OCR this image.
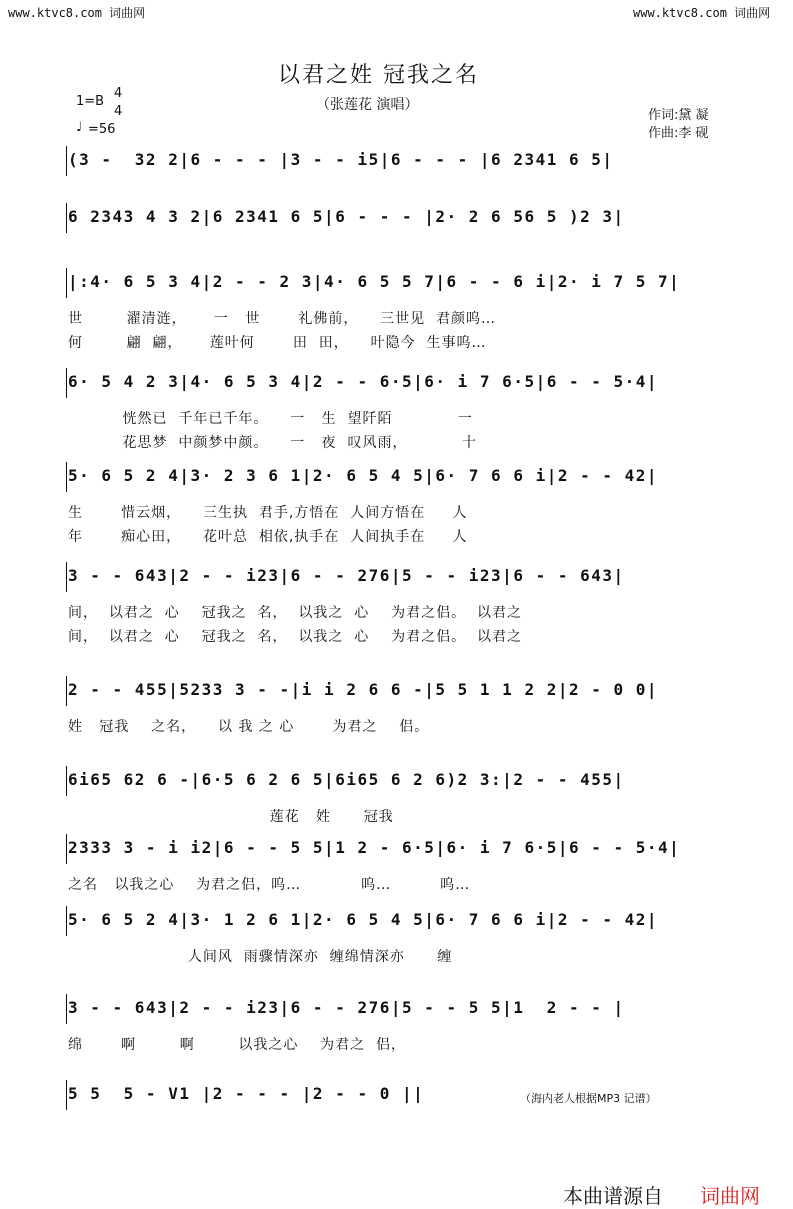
www.ktvc8.com 词曲网	www.ktvc8.com 词曲网
以君之姓 冠我之名
（张莲花 演唱）
1=B
4
4
♩ =56
作词:黛 凝
作曲:李 砚
(3 -  32 2|6 - - - |3 - - i5|6 - - - |6 2341 6 5|
6 2343 4 3 2|6 2341 6 5|6 - - - |2· 2 6 56 5 )2 3|
|:4· 6 5 3 4|2 - - 2 3|4· 6 5 5 7|6 - - 6 i|2· i 7 5 7|
世        濯清涟，     一   世       礼佛前，    三世见  君颜呜…
何        翩  翩，     莲叶何       田  田，    叶隐今  生事呜…
6· 5 4 2 3|4· 6 5 3 4|2 - - 6·5|6· i 7 6·5|6 - - 5·4|
恍然已  千年已千年。    一   生  望阡陌            一
花思梦  中颜梦中颜。    一   夜  叹风雨，          十
5· 6 5 2 4|3· 2 3 6 1|2· 6 5 4 5|6· 7 6 6 i|2 - - 42|
生       惜云烟，    三生执  君手,方悟在  人间方悟在     人
年       痴心田，    花叶总  相依,执手在  人间执手在     人
3 - - 643|2 - - i23|6 - - 276|5 - - i23|6 - - 643|
间，  以君之  心    冠我之  名，  以我之  心    为君之侣。  以君之
间，  以君之  心    冠我之  名，  以我之  心    为君之侣。  以君之
2 - - 455|5233 3 - -|i i 2 6 6 -|5 5 1 1 2 2|2 - 0 0|
姓   冠我    之名，    以 我 之 心       为君之    侣。
6i65 62 6 -|6·5 6 2 6 5|6i65 6 2 6)2 3:|2 - - 455|
莲花   姓      冠我
2333 3 - i i2|6 - - 5 5|1 2 - 6·5|6· i 7 6·5|6 - - 5·4|
之名   以我之心    为君之侣，呜…           呜…         呜…
5· 6 5 2 4|3· 1 2 6 1|2· 6 5 4 5|6· 7 6 6 i|2 - - 42|
人间风  雨骤情深亦  缠绵情深亦      缠
3 - - 643|2 - - i23|6 - - 276|5 - - 5 5|1  2 - - |
绵       啊        啊        以我之心    为君之  侣，
5 5  5 - V1 |2 - - - |2 - - 0 ||	（海内老人根据MP3 记谱）
本曲谱源自 词曲网
